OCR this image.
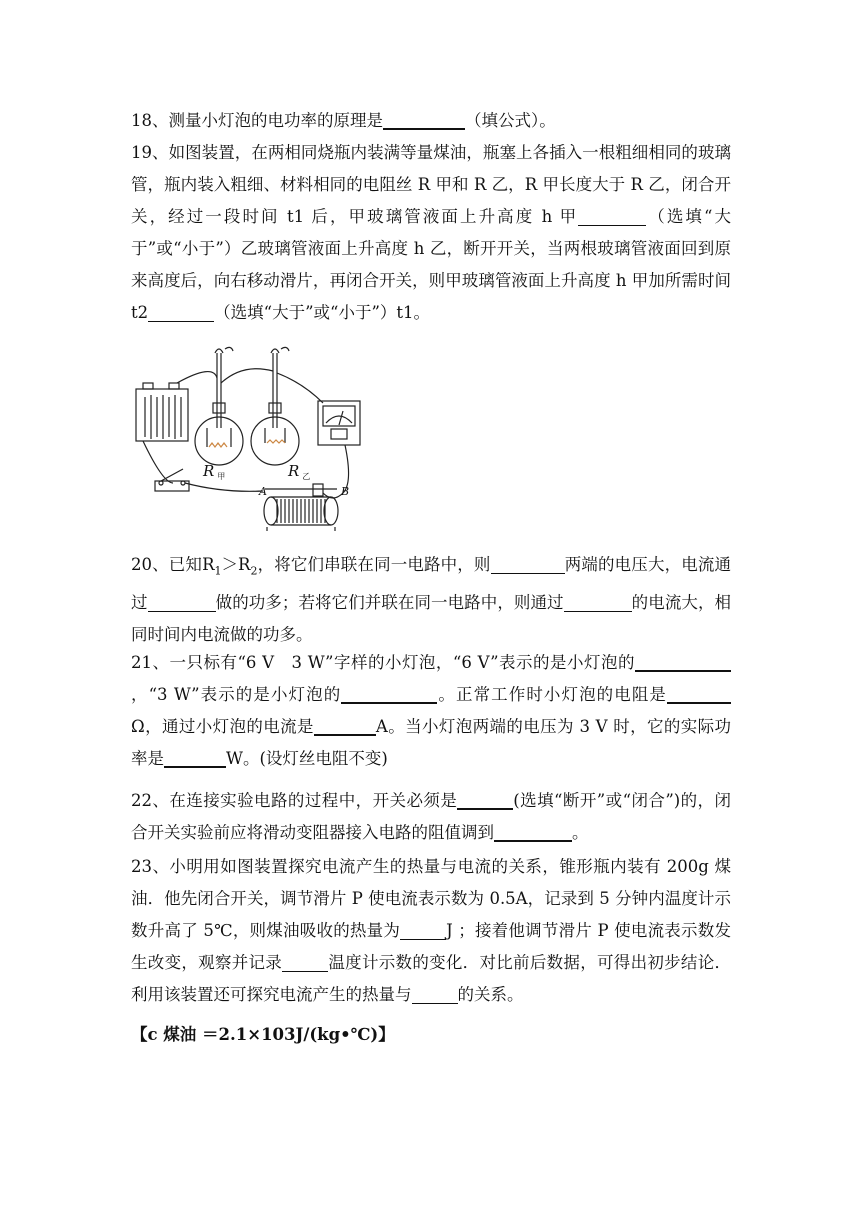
18、测量小灯泡的电功率的原理是	（填公式）。
19、如图装置，在两相同烧瓶内装满等量煤油，瓶塞上各插入一根粗细相同的玻璃管，瓶内装入粗细、材料相同的电阻丝 R 甲和 R 乙，R 甲长度大于 R 乙，闭合开关，经过一段时间 t1 后，甲玻璃管液面上升高度 h 甲	（选填“大于”或“小于”）乙玻璃管液面上升高度 h 乙，断开开关，当两根玻璃管液面回到原来高度后，向右移动滑片，再闭合开关，则甲玻璃管液面上升高度 h 甲加所需时间 t2	（选填“大于”或“小于”）t1。
R $_甲$	R $_乙$
A	B
20、已知$R_1>R_2$，将它们串联在同一电路中，则	两端的电压大，电流通过	做的功多；若将它们并联在同一电路中，则通过	的电流大，相同时间内电流做的功多。
21、一只标有“6 V　3 W”字样的小灯泡，“6 V”表示的是小灯泡的，“3 W”表示的是小灯泡的	。正常工作时小灯泡的电阻是Ω，通过小灯泡的电流是	A。当小灯泡两端的电压为 3 V 时，它的实际功率是	W。(设灯丝电阻不变)
22、在连接实验电路的过程中，开关必须是	(选填“断开”或“闭合”)的，闭合开关实验前应将滑动变阻器接入电路的阻值调到	。
23、小明用如图装置探究电流产生的热量与电流的关系，锥形瓶内装有 200g 煤油．他先闭合开关，调节滑片 P 使电流表示数为 0.5A，记录到 5 分钟内温度计示数升高了 5℃，则煤油吸收的热量为	J ；接着他调节滑片 P 使电流表示数发生改变，观察并记录	温度计示数的变化．对比前后数据，可得出初步结论．利用该装置还可探究电流产生的热量与	的关系。
【c 煤油 ＝2.1×103J/(kg•℃)】
